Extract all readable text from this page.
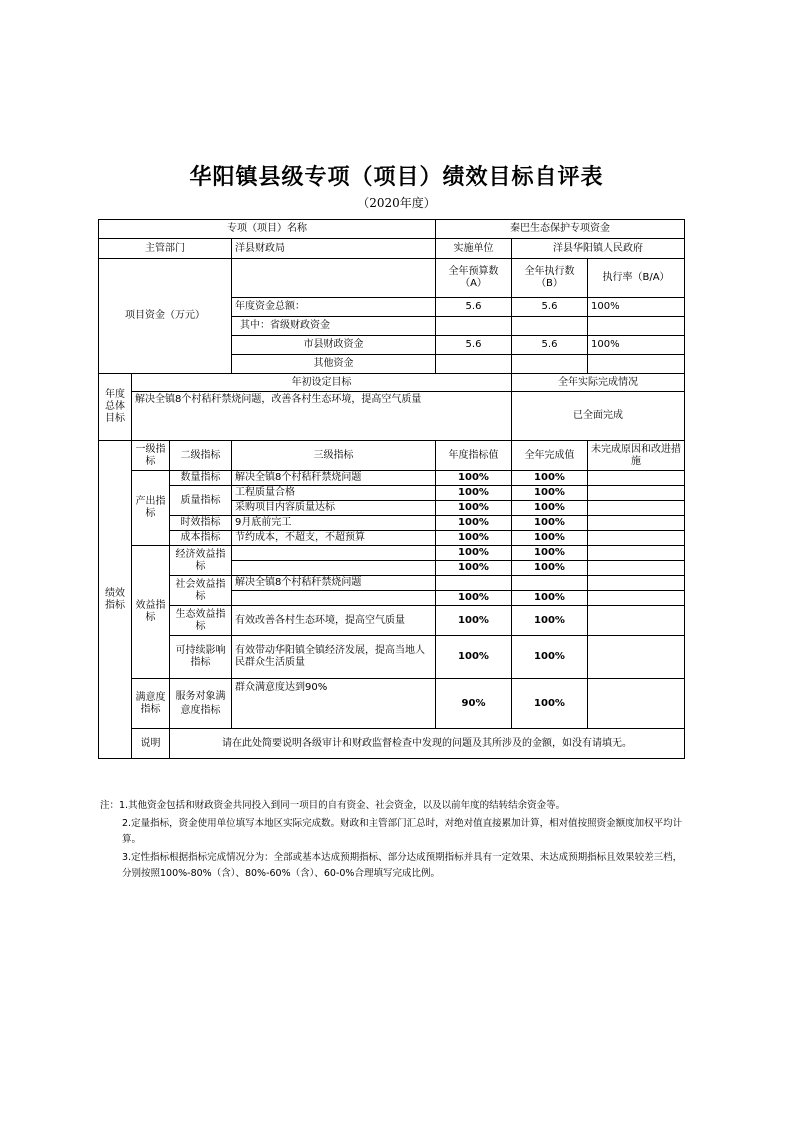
华阳镇县级专项（项目）绩效目标自评表
（2020年度）
专项（项目）名称				秦巴生态保护专项资金			
主管部门			洋县财政局	实施单位	洋县华阳镇人民政府		
项目资金（万元）				全年预算数（A）	全年执行数（B）	执行率（B/A）	
			年度资金总额：	5.6	5.6	100%	
			其中：省级财政资金				
			市县财政资金	5.6	5.6	100%	
			其他资金				
年度总体目标	年初设定目标				全年实际完成情况		
	解决全镇8个村秸秆禁烧问题，改善各村生态环境，提高空气质量				已全面完成		
绩效指标	一级指标	二级指标	三级指标	年度指标值	全年完成值	未完成原因和改进措施	
	产出指标	数量指标	解决全镇8个村秸秆禁烧问题	100%	100%		
		质量指标	工程质量合格	100%	100%		
			采购项目内容质量达标	100%	100%		
		时效指标	9月底前完工	100%	100%		
		成本指标	节约成本，不超支，不超预算	100%	100%		
	效益指标	经济效益指标		100%	100%		
				100%	100%		
		社会效益指标	解决全镇8个村秸秆禁烧问题				
				100%	100%		
		生态效益指标	有效改善各村生态环境，提高空气质量	100%	100%		
		可持续影响指标	有效带动华阳镇全镇经济发展，提高当地人民群众生活质量	100%	100%		
	满意度指标	服务对象满意度指标	群众满意度达到90%	90%	100%		
	说明	请在此处简要说明各级审计和财政监督检查中发现的问题及其所涉及的金额，如没有请填无。	

注：1.其他资金包括和财政资金共同投入到同一项目的自有资金、社会资金，以及以前年度的结转结余资金等。

2.定量指标，资金使用单位填写本地区实际完成数。财政和主管部门汇总时，对绝对值直接累加计算，相对值按照资金额度加权平均计算。

3.定性指标根据指标完成情况分为：全部或基本达成预期指标、部分达成预期指标并具有一定效果、未达成预期指标且效果较差三档，分别按照100%-80%（含）、80%-60%（含）、60-0%合理填写完成比例。
